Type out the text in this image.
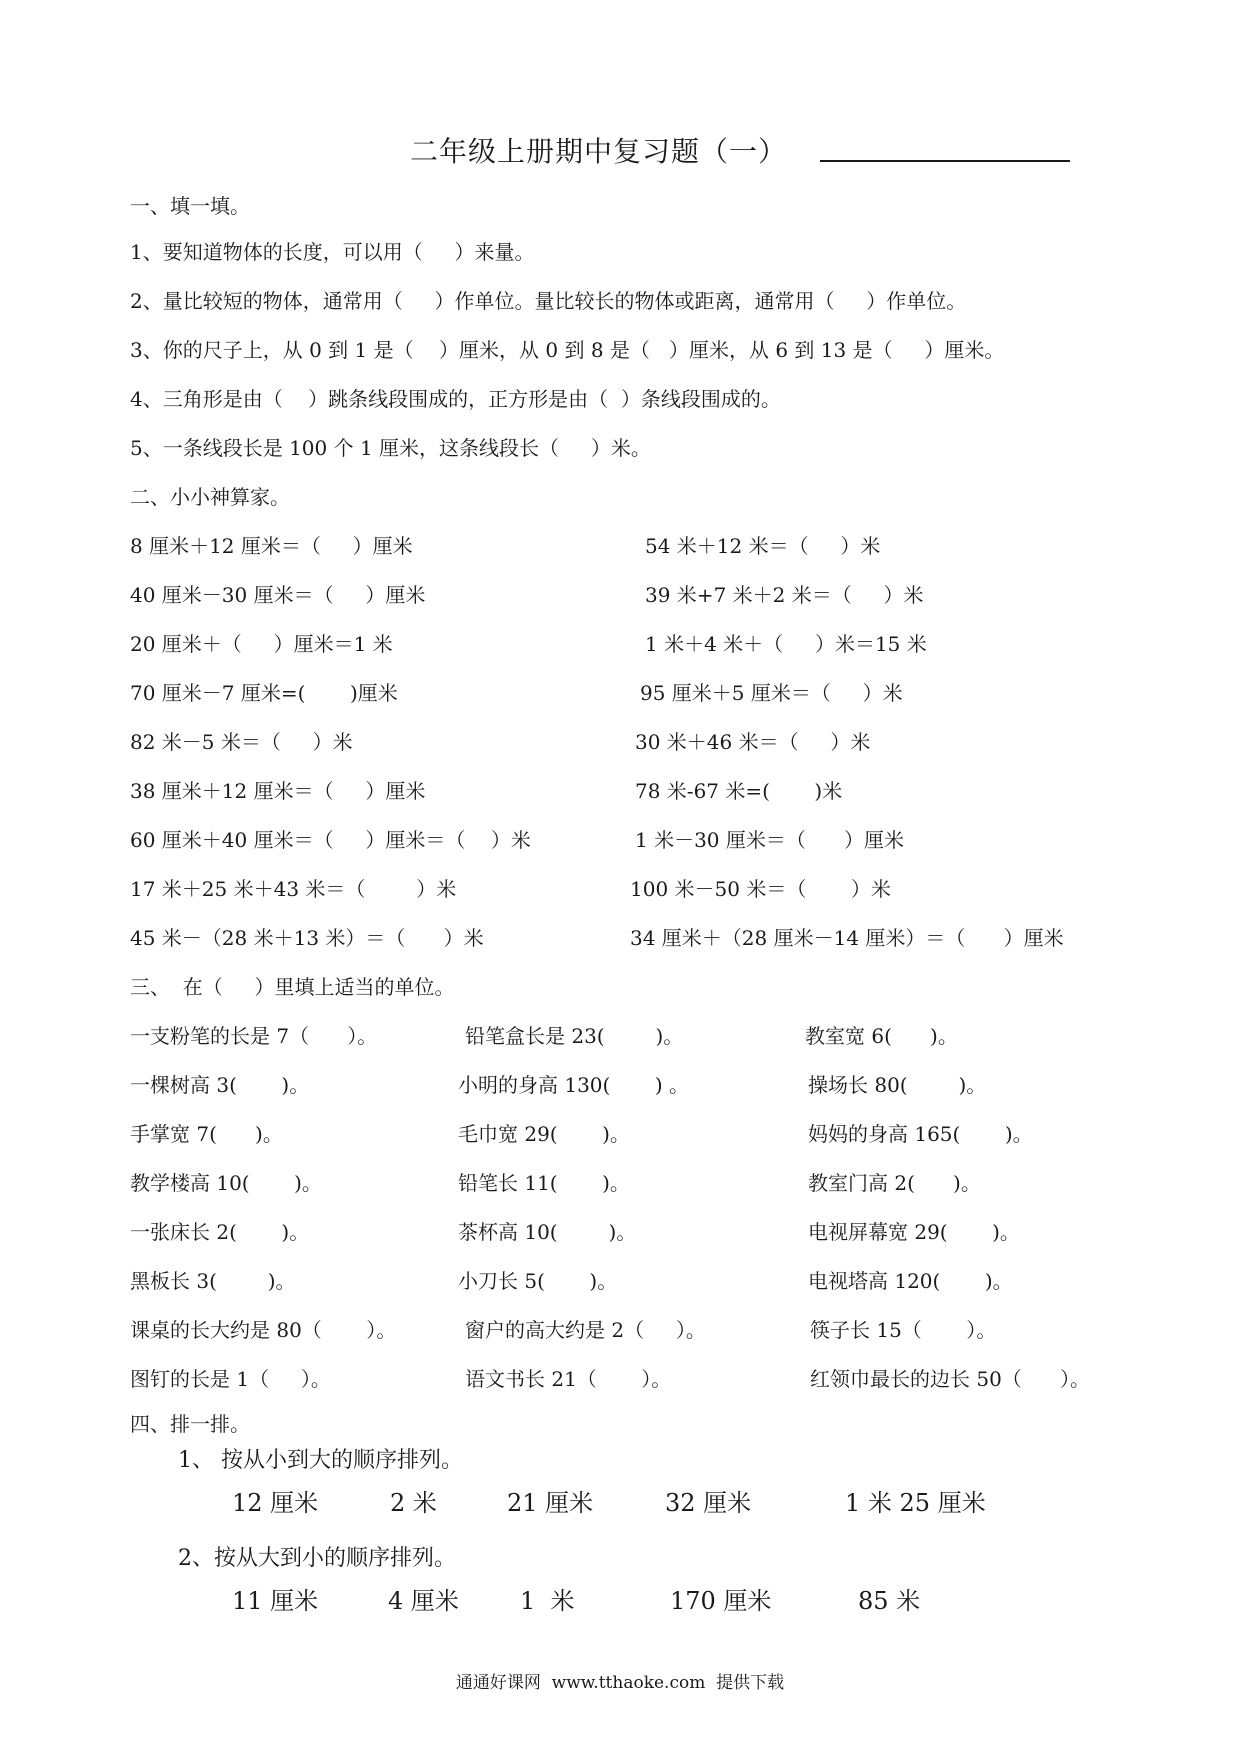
二年级上册期中复习题（一）
一、填一填。
1、要知道物体的长度，可以用（     ）来量。
2、量比较短的物体，通常用（     ）作单位。量比较长的物体或距离，通常用（     ）作单位。
3、你的尺子上，从 0 到 1 是（    ）厘米，从 0 到 8 是（   ）厘米，从 6 到 13 是（     ）厘米。
4、三角形是由（    ）跳条线段围成的，正方形是由（  ）条线段围成的。
5、一条线段长是 100 个 1 厘米，这条线段长（     ）米。
二、小小神算家。
8 厘米＋12 厘米＝（     ）厘米	54 米＋12 米＝（     ）米
40 厘米－30 厘米＝（     ）厘米	39 米+7 米＋2 米＝（     ）米
20 厘米＋（     ）厘米＝1 米	1 米＋4 米＋（     ）米＝15 米
70 厘米－7 厘米=(       )厘米	95 厘米＋5 厘米＝（     ）米
82 米－5 米＝（     ）米	30 米＋46 米＝（     ）米
38 厘米＋12 厘米＝（     ）厘米	78 米-67 米=(       )米
60 厘米＋40 厘米＝（     ）厘米＝（    ）米	1 米－30 厘米＝（      ）厘米
17 米＋25 米＋43 米＝（        ）米	100 米－50 米＝（       ）米
45 米－（28 米＋13 米）＝（      ）米	34 厘米＋（28 厘米－14 厘米）＝（      ）厘米
三、  在（     ）里填上适当的单位。
一支粉笔的长是 7（      ）。	铅笔盒长是 23(        )。	教室宽 6(      )。
一棵树高 3(       )。	小明的身高 130(       ) 。	操场长 80(        )。
手掌宽 7(      )。	毛巾宽 29(       )。	妈妈的身高 165(       )。
教学楼高 10(       )。	铅笔长 11(       )。	教室门高 2(      )。
一张床长 2(       )。	茶杯高 10(        )。	电视屏幕宽 29(       )。
黑板长 3(        )。	小刀长 5(       )。	电视塔高 120(       )。
课桌的长大约是 80（       ）。	窗户的高大约是 2（     ）。	筷子长 15（       ）。
图钉的长是 1（     ）。	语文书长 21（       ）。	红领巾最长的边长 50（      ）。
四、排一排。
1、 按从小到大的顺序排列。
12 厘米	2 米	21 厘米	32 厘米	1 米 25 厘米
2、按从大到小的顺序排列。
11 厘米	4 厘米	1  米	170 厘米	85 米
通通好课网  www.tthaoke.com  提供下载
